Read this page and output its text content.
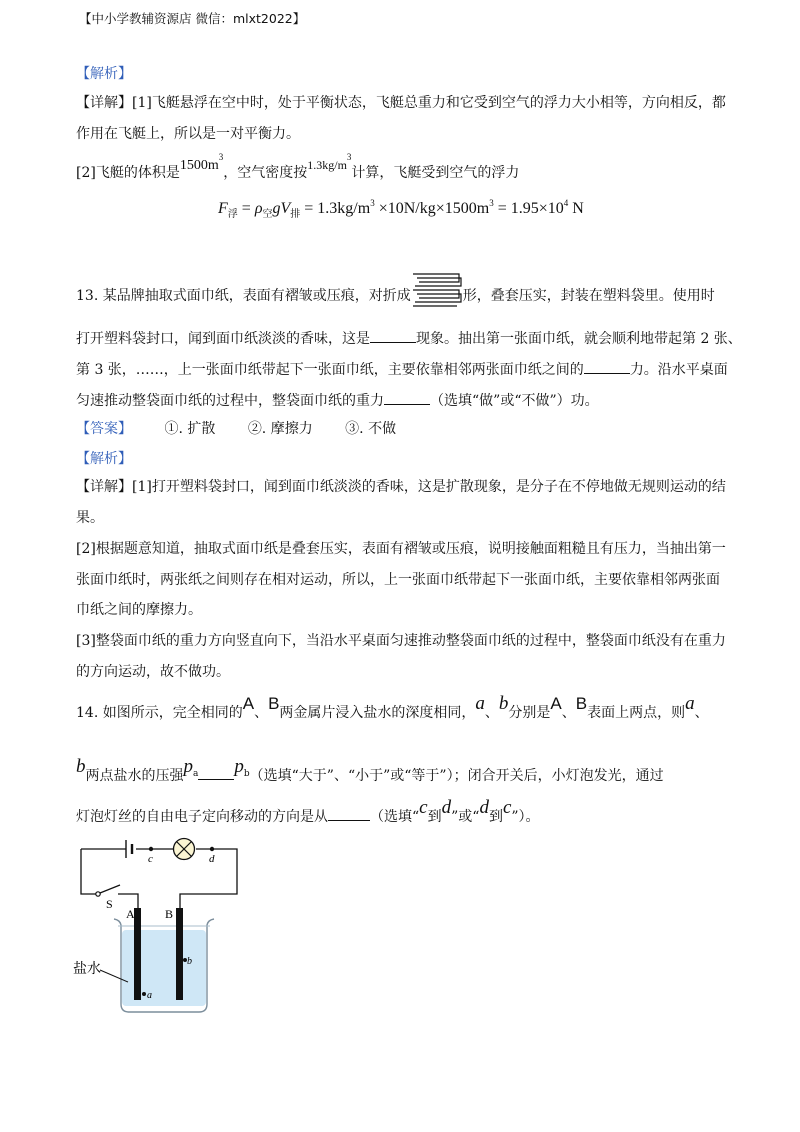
【中小学教辅资源店 微信：mlxt2022】
【解析】
【详解】[1]飞艇悬浮在空中时，处于平衡状态，飞艇总重力和它受到空气的浮力大小相等，方向相反，都
作用在飞艇上，所以是一对平衡力。
[2]飞艇的体积是$1500m^3$，空气密度按$1.3kg/m^3$计算，飞艇受到空气的浮力
$F_浮 = \rho_空gV_排 = 1.3kg/m^3 \times 10N/kg\times 1500m^3 = 1.95\times 10^4$ N
13. 某品牌抽取式面巾纸，表面有褶皱或压痕，对折成	形，叠套压实，封装在塑料袋里。使用时
打开塑料袋封口，闻到面巾纸淡淡的香味，这是	现象。抽出第一张面巾纸，就会顺利地带起第 2 张、
第 3 张，……，上一张面巾纸带起下一张面巾纸，主要依靠相邻两张面巾纸之间的	力。沿水平桌面
匀速推动整袋面巾纸的过程中，整袋面巾纸的重力	（选填“做”或“不做”）功。
【答案】 ①. 扩散 ②. 摩擦力 ③. 不做
【解析】
【详解】[1]打开塑料袋封口，闻到面巾纸淡淡的香味，这是扩散现象，是分子在不停地做无规则运动的结
果。
[2]根据题意知道，抽取式面巾纸是叠套压实，表面有褶皱或压痕，说明接触面粗糙且有压力，当抽出第一
张面巾纸时，两张纸之间则存在相对运动，所以，上一张面巾纸带起下一张面巾纸，主要依靠相邻两张面
巾纸之间的摩擦力。
[3]整袋面巾纸的重力方向竖直向下，当沿水平桌面匀速推动整袋面巾纸的过程中，整袋面巾纸没有在重力
的方向运动，故不做功。
14. 如图所示，完全相同的A、B两金属片浸入盐水的深度相同，a、b分别是A、B表面上两点，则a、
b两点盐水的压强$p^a$ $p^b$（选填“大于”、“小于”或“等于”）；闭合开关后，小灯泡发光，通过
灯泡灯丝的自由电子定向移动的方向是从	（选填“c到d”或“d到c”）。
S
c	d
A	B
a
b
盐水
